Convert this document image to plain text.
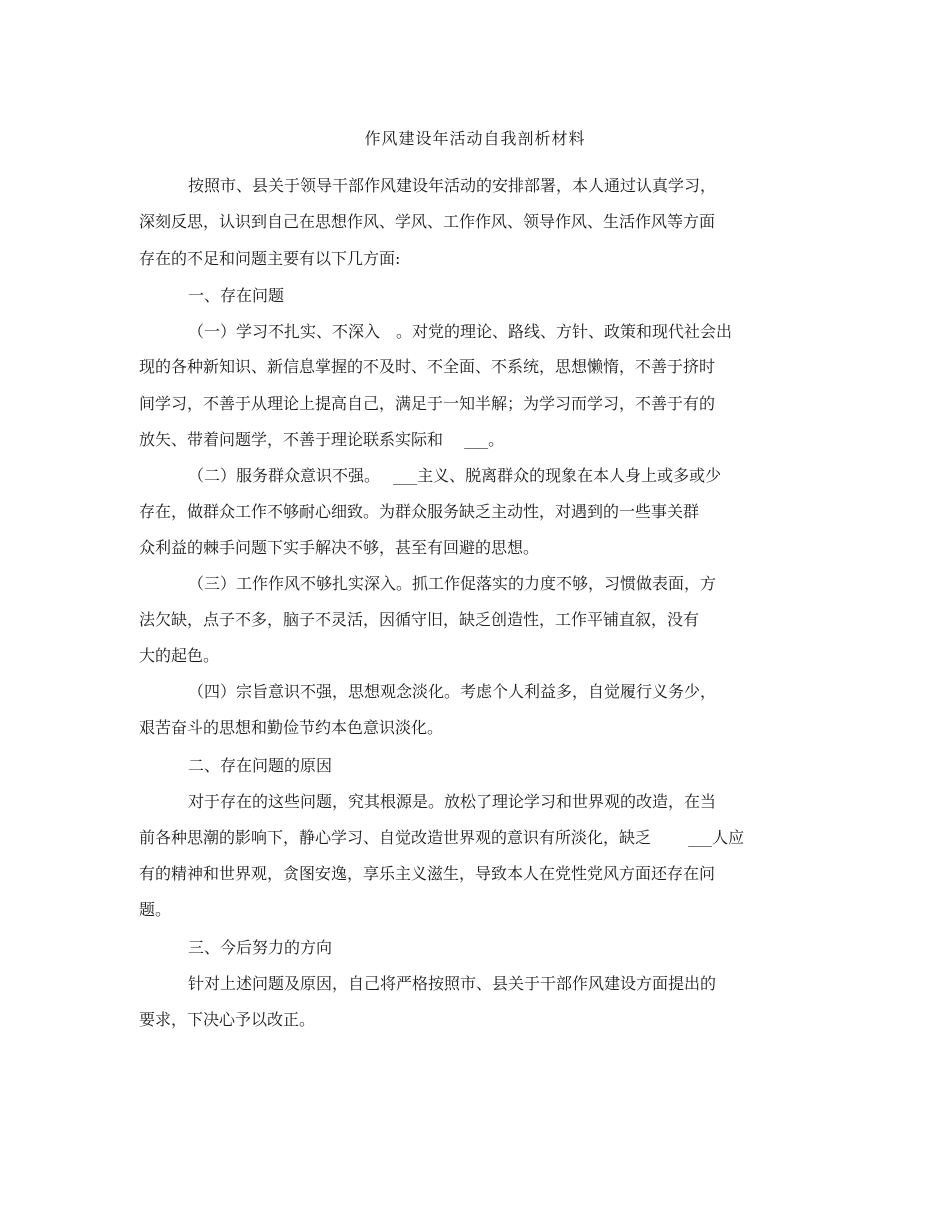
作风建设年活动自我剖析材料
按照市、县关于领导干部作风建设年活动的安排部署，本人通过认真学习，
深刻反思，认识到自己在思想作风、学风、工作作风、领导作风、生活作风等方面
存在的不足和问题主要有以下几方面:
一、存在问题
（一）学习不扎实、不深入　。对党的理论、路线、方针、政策和现代社会出
现的各种新知识、新信息掌握的不及时、不全面、不系统，思想懒惰，不善于挤时
间学习，不善于从理论上提高自己，满足于一知半解；为学习而学习，不善于有的
放矢、带着问题学，不善于理论联系实际和　 ___。
（二）服务群众意识不强。　 ___主义、脱离群众的现象在本人身上或多或少
存在，做群众工作不够耐心细致。为群众服务缺乏主动性，对遇到的一些事关群
众利益的棘手问题下实手解决不够，甚至有回避的思想。
（三）工作作风不够扎实深入。抓工作促落实的力度不够，习惯做表面，方
法欠缺，点子不多，脑子不灵活，因循守旧，缺乏创造性，工作平铺直叙，没有
大的起色。
（四）宗旨意识不强，思想观念淡化。考虑个人利益多，自觉履行义务少，
艰苦奋斗的思想和勤俭节约本色意识淡化。
二、存在问题的原因
对于存在的这些问题，究其根源是。放松了理论学习和世界观的改造，在当
前各种思潮的影响下，静心学习、自觉改造世界观的意识有所淡化，缺乏　　 ___人应
有的精神和世界观，贪图安逸，享乐主义滋生，导致本人在党性党风方面还存在问
题。
三、今后努力的方向
针对上述问题及原因，自己将严格按照市、县关于干部作风建设方面提出的
要求，下决心予以改正。
